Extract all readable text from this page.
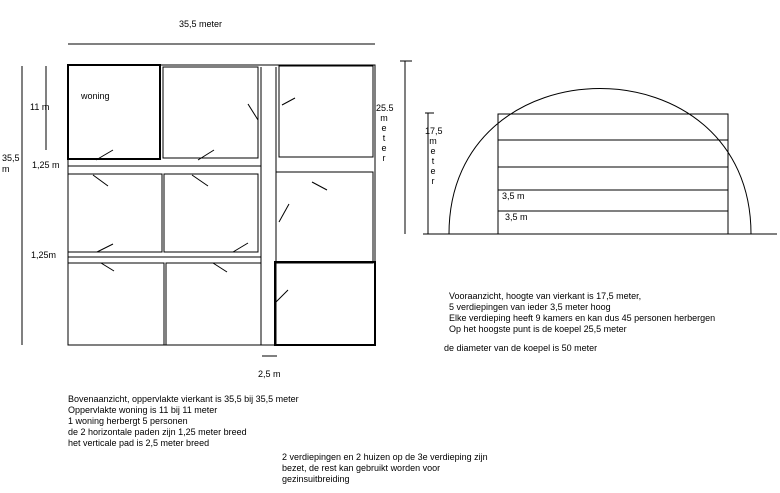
35,5 meter
35,5 m
11 m
woning
1,25 m
1,25m
2,5 m
25.5
m
e
t
e
r
17,5
m
e
t
e
r
3,5 m
3,5 m
Vooraanzicht, hoogte van vierkant is 17,5 meter,
5 verdiepingen van ieder 3,5 meter hoog
Elke verdieping heeft 9 kamers en kan dus 45 personen herbergen
Op het hoogste punt is de koepel 25,5 meter
de diameter van de koepel is 50 meter
Bovenaanzicht, oppervlakte vierkant is 35,5 bij 35,5 meter
Oppervlakte woning is 11 bij 11 meter
1 woning herbergt 5 personen
de 2 horizontale paden zijn 1,25 meter breed
het verticale pad is 2,5 meter breed
2 verdiepingen en 2 huizen op de 3e verdieping zijn
bezet, de rest kan gebruikt worden voor
gezinsuitbreiding
